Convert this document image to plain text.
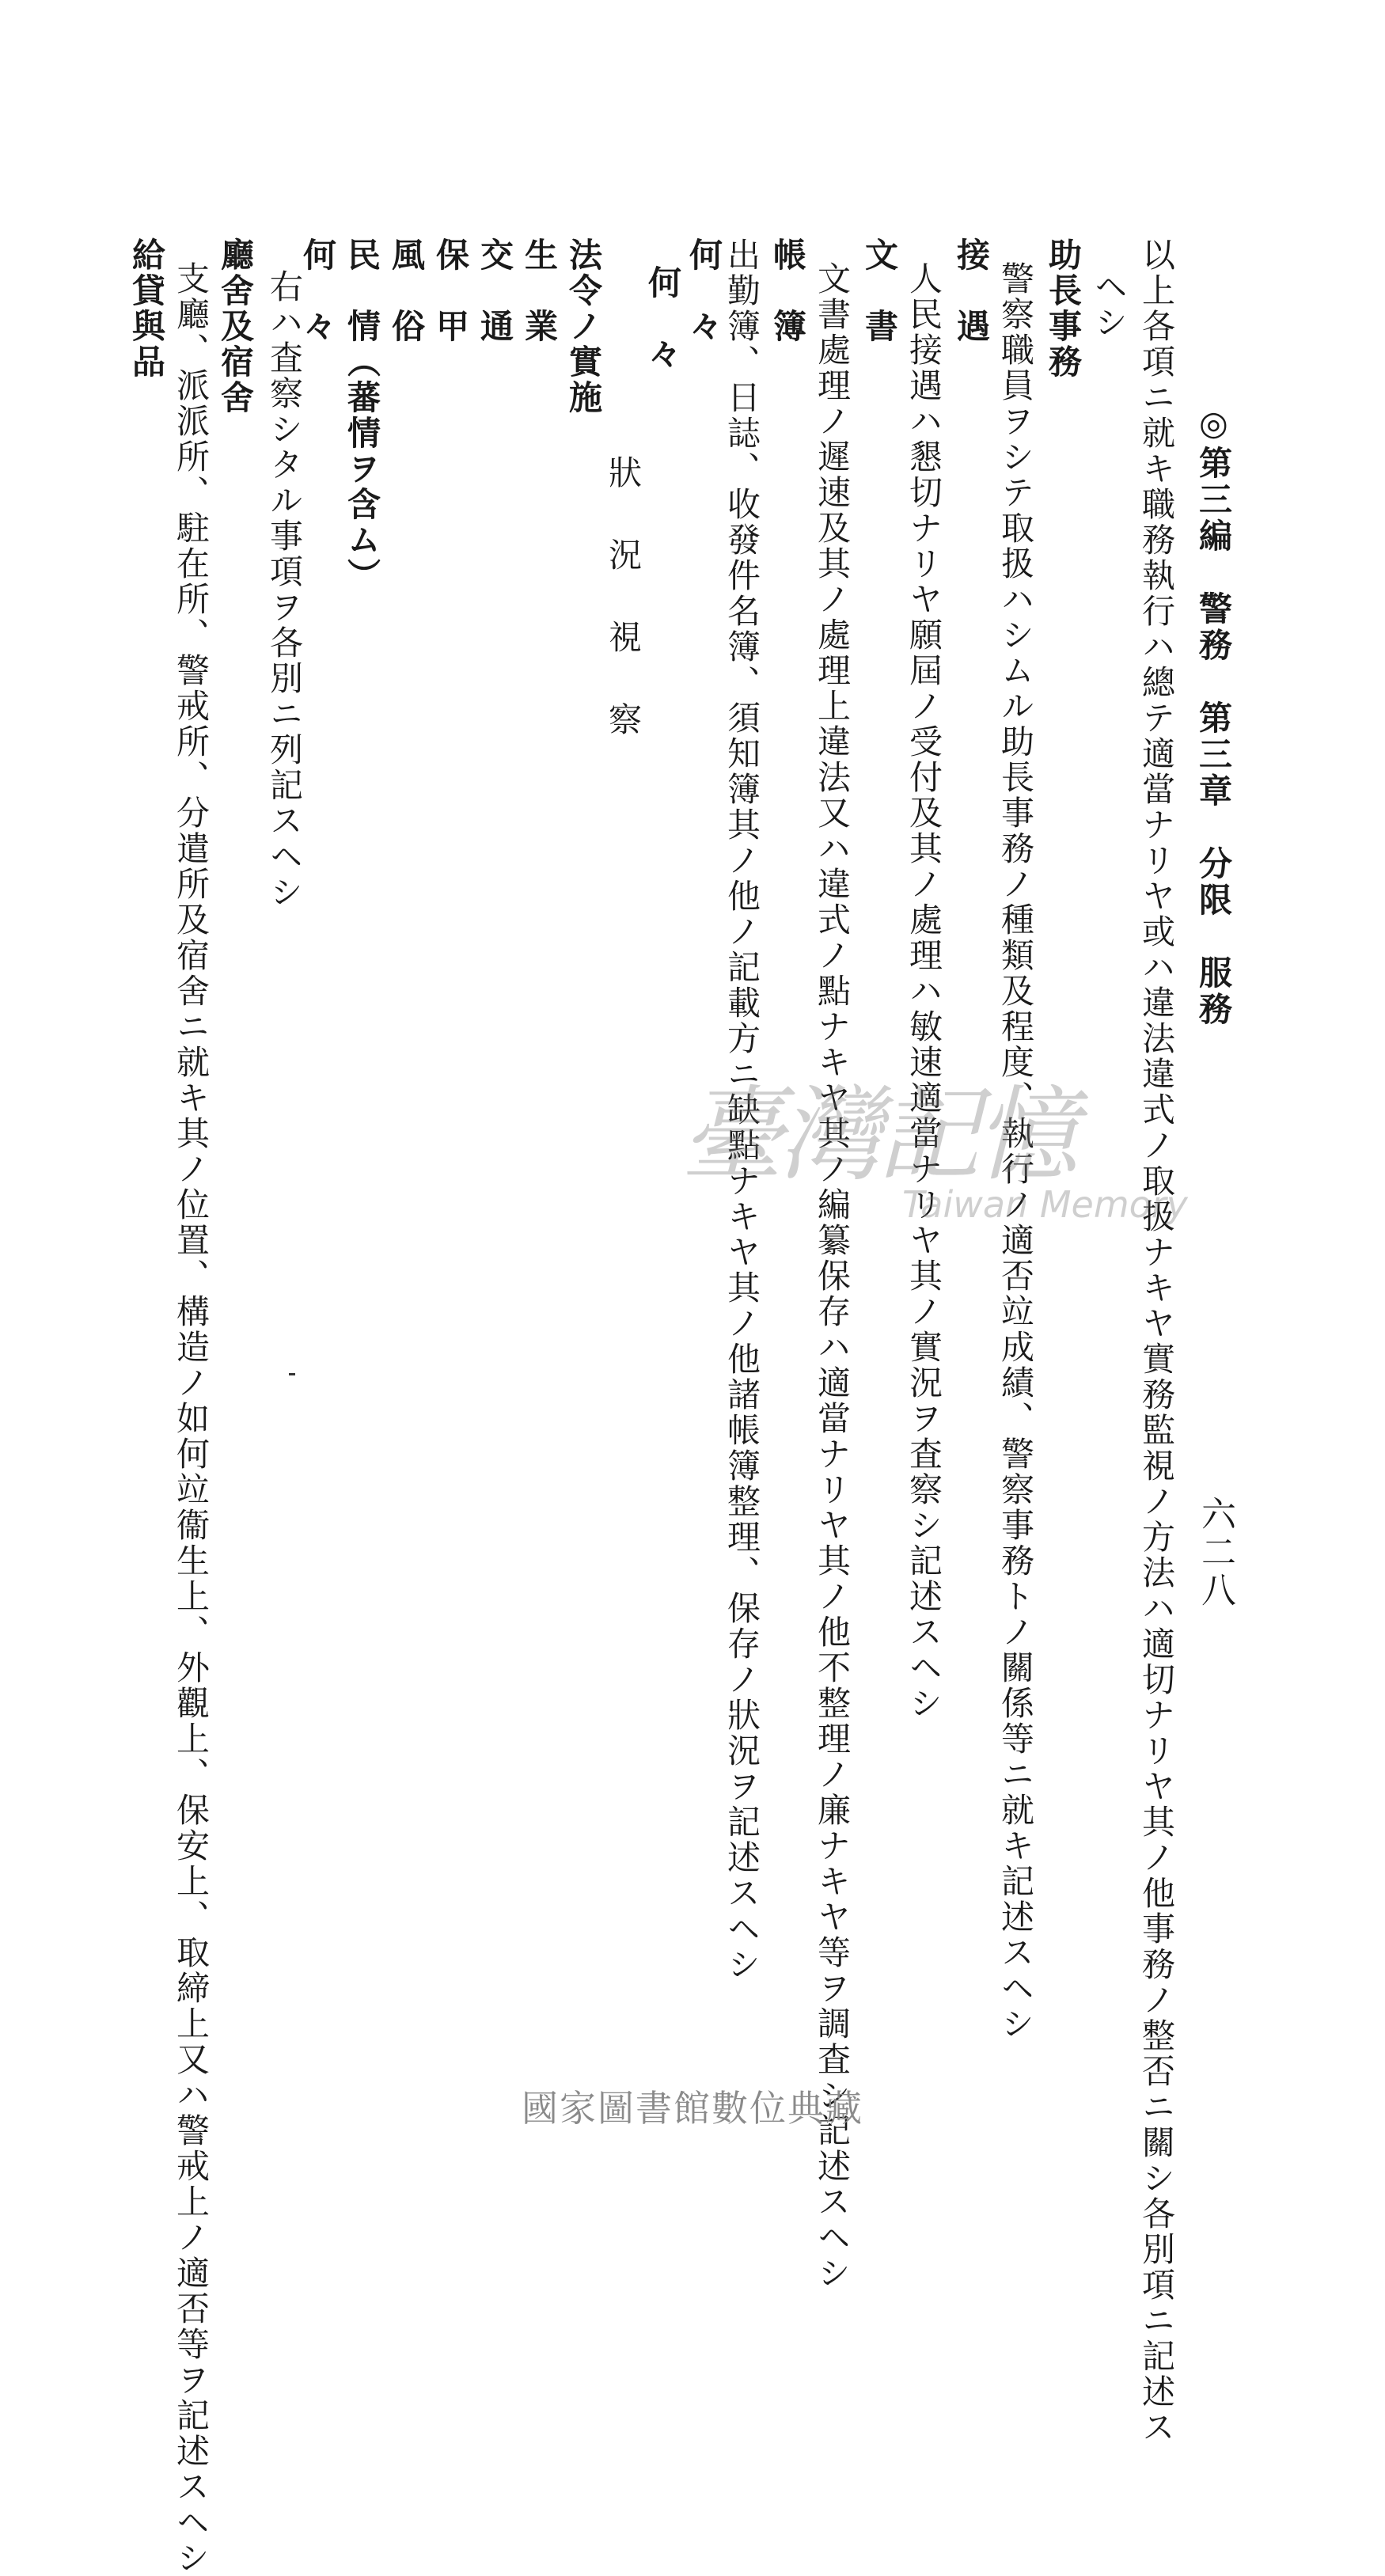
◎第三編　警務　第三章　分限　服務
六二八
以上各項ニ就キ職務執行ハ總テ適當ナリヤ或ハ違法違式ノ取扱ナキヤ實務監視ノ方法ハ適切ナリヤ其ノ他事務ノ整否ニ關シ各別項ニ記述ス
ヘシ
助長事務
警察職員ヲシテ取扱ハシムル助長事務ノ種類及程度、執行ノ適否竝成績、警察事務トノ關係等ニ就キ記述スヘシ
接　遇
人民接遇ハ懇切ナリヤ願屆ノ受付及其ノ處理ハ敏速適當ナリヤ其ノ實況ヲ査察シ記述スヘシ
文　書
文書處理ノ遲速及其ノ處理上違法又ハ違式ノ點ナキヤ其ノ編纂保存ハ適當ナリヤ其ノ他不整理ノ廉ナキヤ等ヲ調査シ記述スヘシ
帳　簿
出勤簿、日誌、收發件名簿、須知簿其ノ他ノ記載方ニ缺點ナキヤ其ノ他諸帳簿整理、保存ノ狀況ヲ記述スヘシ
何　々
何　々
狀　況　視　察
法令ノ實施
生　業
交　通
保　甲
風　俗
民　情（蕃情ヲ含ム）
何　々
右ハ査察シタル事項ヲ各別ニ列記スヘシ
廳舍及宿舍
支廳、派派所、駐在所、警戒所、分遣所及宿舍ニ就キ其ノ位置、構造ノ如何竝衞生上、外觀上、保安上、取締上又ハ警戒上ノ適否等ヲ記述スヘシ
給貸與品
臺灣記憶
Taiwan Memory
國家圖書館數位典藏
